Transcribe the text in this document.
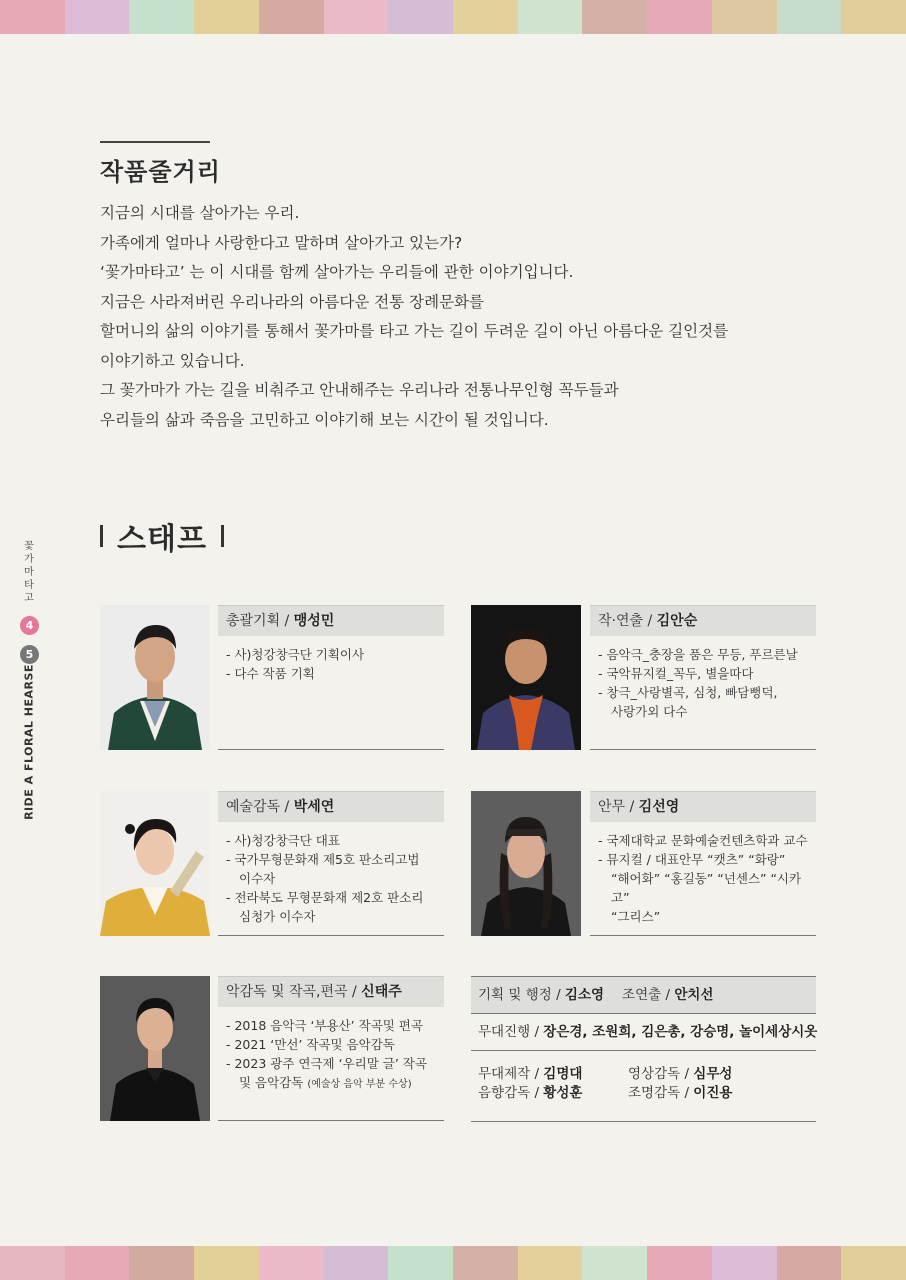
꽃
가
마
타
고
4
5
RIDE A FLORAL HEARSE
작품줄거리

지금의 시대를 살아가는 우리.

가족에게 얼마나 사랑한다고 말하며 살아가고 있는가?

‘꽃가마타고’ 는 이 시대를 함께 살아가는 우리들에 관한 이야기입니다.

지금은 사라져버린 우리나라의 아름다운 전통 장례문화를

할머니의 삶의 이야기를 통해서 꽃가마를 타고 가는 길이 두려운 길이 아닌 아름다운 길인것를

이야기하고 있습니다.

그 꽃가마가 가는 길을 비춰주고 안내해주는 우리나라 전통나무인형 꼭두들과

우리들의 삶과 죽음을 고민하고 이야기해 보는 시간이 될 것입니다.

스태프
총괄기획 / 맹성민
- 사)청강창극단 기획이사
- 다수 작품 기획
작·연출 / 김안순
- 음악극_충장을 품은 무등, 푸르른날
- 국악뮤지컬_꼭두, 별을따다
- 창극_사랑별곡, 심청, 빠담뻥덕,
사랑가외 다수
예술감독 / 박세연
- 사)청강창극단 대표
- 국가무형문화재 제5호 판소리고법
이수자
- 전라북도 무형문화재 제2호 판소리
심청가 이수자
안무 / 김선영
- 국제대학교 문화예술컨텐츠학과 교수
- 뮤지컬 / 대표안무 “캣츠” “화랑”
“해어화” “홍길동” “넌센스” “시카고”
“그리스”
악감독 및 작곡,편곡 / 신태주
- 2018 음악극 ‘부용산’ 작곡및 편곡
- 2021 ‘만선’ 작곡및 음악감독
- 2023 광주 연극제 ‘우리말 글’ 작곡
및 음악감독 (예술상 음악 부분 수상)
기획 및 행정 / 김소영 조연출 / 안치선
무대진행 / 장은경, 조원희, 김은총, 강승명, 놀이세상시옷
무대제작 / 김명대	영상감독 / 심무성
음향감독 / 황성훈	조명감독 / 이진용
